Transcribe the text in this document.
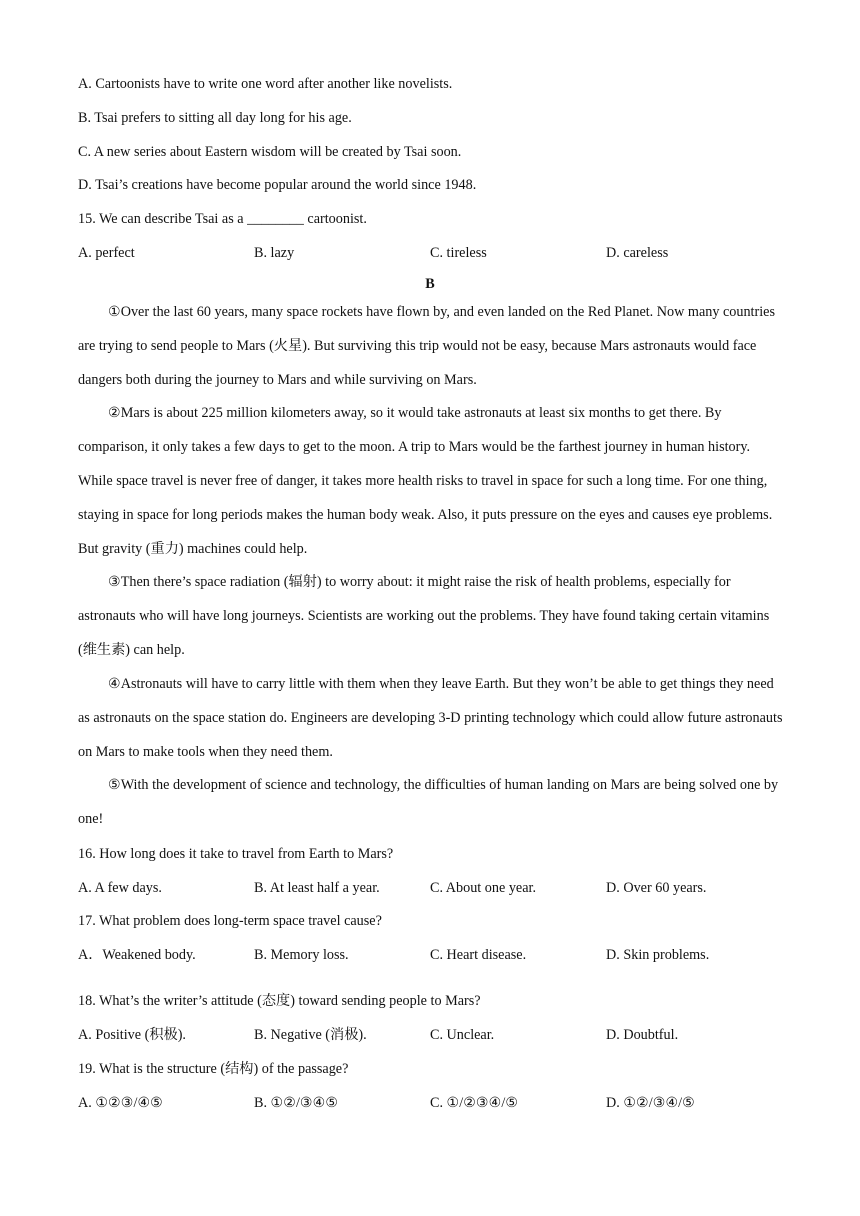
A. Cartoonists have to write one word after another like novelists.
B. Tsai prefers to sitting all day long for his age.
C. A new series about Eastern wisdom will be created by Tsai soon.
D. Tsai’s creations have become popular around the world since 1948.
15. We can describe Tsai as a ________ cartoonist.
A. perfect	B. lazy	C. tireless	D. careless
B
①Over the last 60 years, many space rockets have flown by, and even landed on the Red Planet. Now many countries are trying to send people to Mars (火星). But surviving this trip would not be easy, because Mars astronauts would face dangers both during the journey to Mars and while surviving on Mars.
②Mars is about 225 million kilometers away, so it would take astronauts at least six months to get there. By comparison, it only takes a few days to get to the moon. A trip to Mars would be the farthest journey in human history. While space travel is never free of danger, it takes more health risks to travel in space for such a long time. For one thing, staying in space for long periods makes the human body weak. Also, it puts pressure on the eyes and causes eye problems. But gravity (重力) machines could help.
③Then there’s space radiation (辐射) to worry about: it might raise the risk of health problems, especially for astronauts who will have long journeys. Scientists are working out the problems. They have found taking certain vitamins (维生素) can help.
④Astronauts will have to carry little with them when they leave Earth. But they won’t be able to get things they need as astronauts on the space station do. Engineers are developing 3-D printing technology which could allow future astronauts on Mars to make tools when they need them.
⑤With the development of science and technology, the difficulties of human landing on Mars are being solved one by one!
16. How long does it take to travel from Earth to Mars?
A. A few days.	B. At least half a year.	C. About one year.	D. Over 60 years.
17. What problem does long-term space travel cause?
A．Weakened body.	B. Memory loss.	C. Heart disease.	D. Skin problems.
18. What’s the writer’s attitude (态度) toward sending people to Mars?
A. Positive (积极).	B. Negative (消极).	C. Unclear.	D. Doubtful.
19. What is the structure (结构) of the passage?
A. ①②③/④⑤	B. ①②/③④⑤	C. ①/②③④/⑤	D. ①②/③④/⑤
